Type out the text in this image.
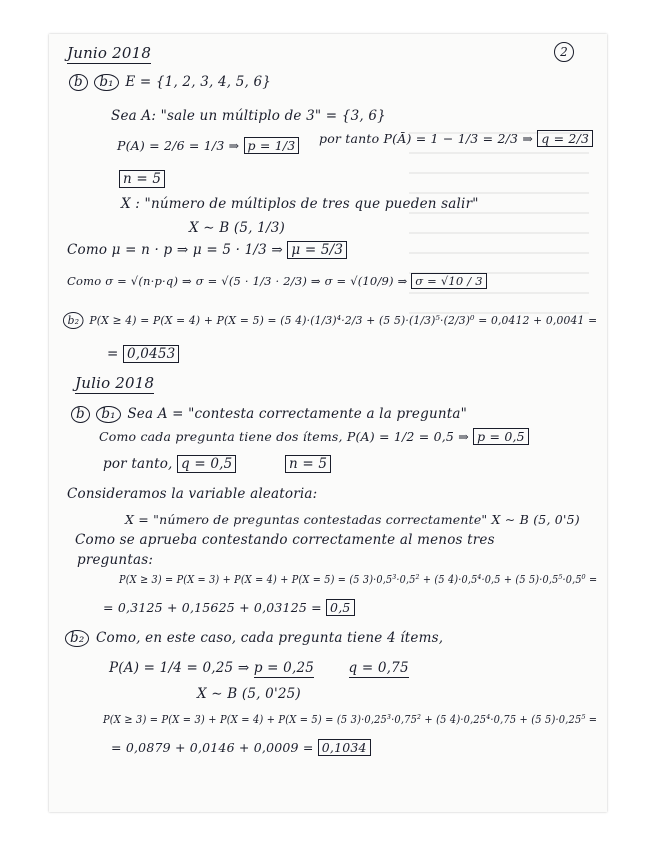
2
Junio 2018
b b₁ E = {1, 2, 3, 4, 5, 6}
Sea A: "sale un múltiplo de 3" = {3, 6}
P(A) = 2/6 = 1/3 ⇒ p = 1/3	por tanto P(Ā) = 1 − 1/3 = 2/3 ⇒ q = 2/3
n = 5
X : "número de múltiplos de tres que pueden salir"
X ∼ B (5, 1/3)
Como μ = n · p ⇒ μ = 5 · 1/3 ⇒ μ = 5/3
Como σ = √(n·p·q) ⇒ σ = √(5 · 1/3 · 2/3) ⇒ σ = √(10/9) ⇒ σ = √10 / 3
b₂ P(X ≥ 4) = P(X = 4) + P(X = 5) = (5 4)·(1/3)⁴·2/3 + (5 5)·(1/3)⁵·(2/3)⁰ = 0,0412 + 0,0041 =
= 0,0453
Julio 2018
b b₁ Sea A = "contesta correctamente a la pregunta"
Como cada pregunta tiene dos ítems, P(A) = 1/2 = 0,5 ⇒ p = 0,5
por tanto, q = 0,5	n = 5
Consideramos la variable aleatoria:
X = "número de preguntas contestadas correctamente" X ∼ B (5, 0'5)
Como se aprueba contestando correctamente al menos tres
preguntas:
P(X ≥ 3) = P(X = 3) + P(X = 4) + P(X = 5) = (5 3)·0,5³·0,5² + (5 4)·0,5⁴·0,5 + (5 5)·0,5⁵·0,5⁰ =
= 0,3125 + 0,15625 + 0,03125 = 0,5
b₂ Como, en este caso, cada pregunta tiene 4 ítems,
P(A) = 1/4 = 0,25 ⇒ p = 0,25	q = 0,75
X ∼ B (5, 0'25)
P(X ≥ 3) = P(X = 3) + P(X = 4) + P(X = 5) = (5 3)·0,25³·0,75² + (5 4)·0,25⁴·0,75 + (5 5)·0,25⁵ =
= 0,0879 + 0,0146 + 0,0009 = 0,1034
